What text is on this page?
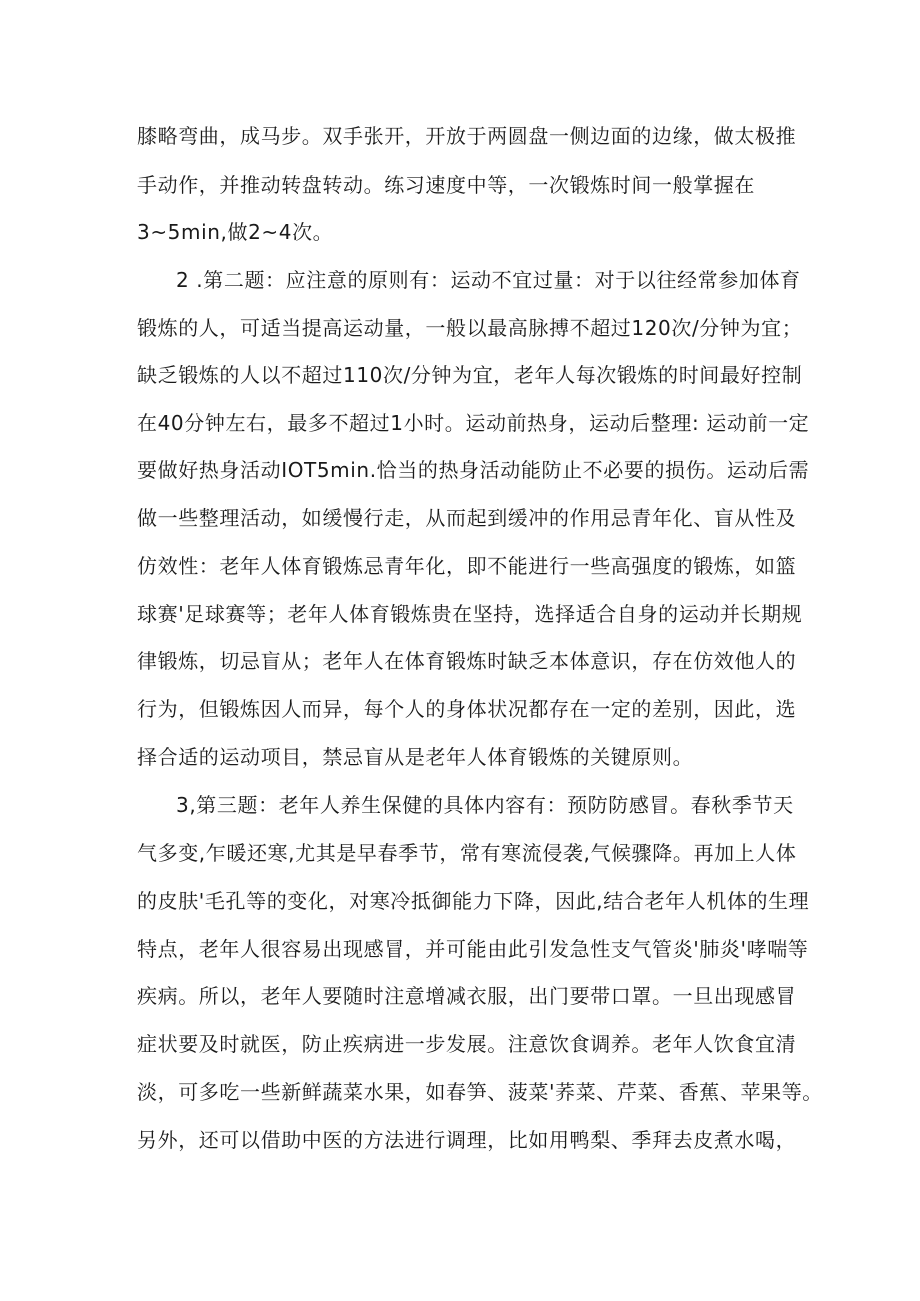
膝略弯曲，成马步。双手张开，开放于两圆盘一侧边面的边缘，做太极推
手动作，并推动转盘转动。练习速度中等，一次锻炼时间一般掌握在
3~5min,做2~4次。
2 .第二题：应注意的原则有：运动不宜过量：对于以往经常参加体育
锻炼的人，可适当提高运动量，一般以最高脉搏不超过120次/分钟为宜；
缺乏锻炼的人以不超过110次/分钟为宜，老年人每次锻炼的时间最好控制
在40分钟左右，最多不超过1小时。运动前热身，运动后整理: 运动前一定
要做好热身活动IOT5min.恰当的热身活动能防止不必要的损伤。运动后需
做一些整理活动，如缓慢行走，从而起到缓冲的作用忌青年化、盲从性及
仿效性：老年人体育锻炼忌青年化，即不能进行一些高强度的锻炼，如篮
球赛'足球赛等；老年人体育锻炼贵在坚持，选择适合自身的运动并长期规
律锻炼，切忌盲从；老年人在体育锻炼时缺乏本体意识，存在仿效他人的
行为，但锻炼因人而异，每个人的身体状况都存在一定的差别，因此，选
择合适的运动项目，禁忌盲从是老年人体育锻炼的关键原则。
3,第三题：老年人养生保健的具体内容有：预防防感冒。春秋季节天
气多变,乍暖还寒,尤其是早春季节，常有寒流侵袭,气候骤降。再加上人体
的皮肤'毛孔等的变化，对寒冷抵御能力下降，因此,结合老年人机体的生理
特点，老年人很容易出现感冒，并可能由此引发急性支气管炎'肺炎'哮喘等
疾病。所以，老年人要随时注意增减衣服，出门要带口罩。一旦出现感冒
症状要及时就医，防止疾病进一步发展。注意饮食调养。老年人饮食宜清
淡，可多吃一些新鲜蔬菜水果，如春笋、菠菜'荞菜、芹菜、香蕉、苹果等。
另外，还可以借助中医的方法进行调理，比如用鸭梨、季拜去皮煮水喝，
